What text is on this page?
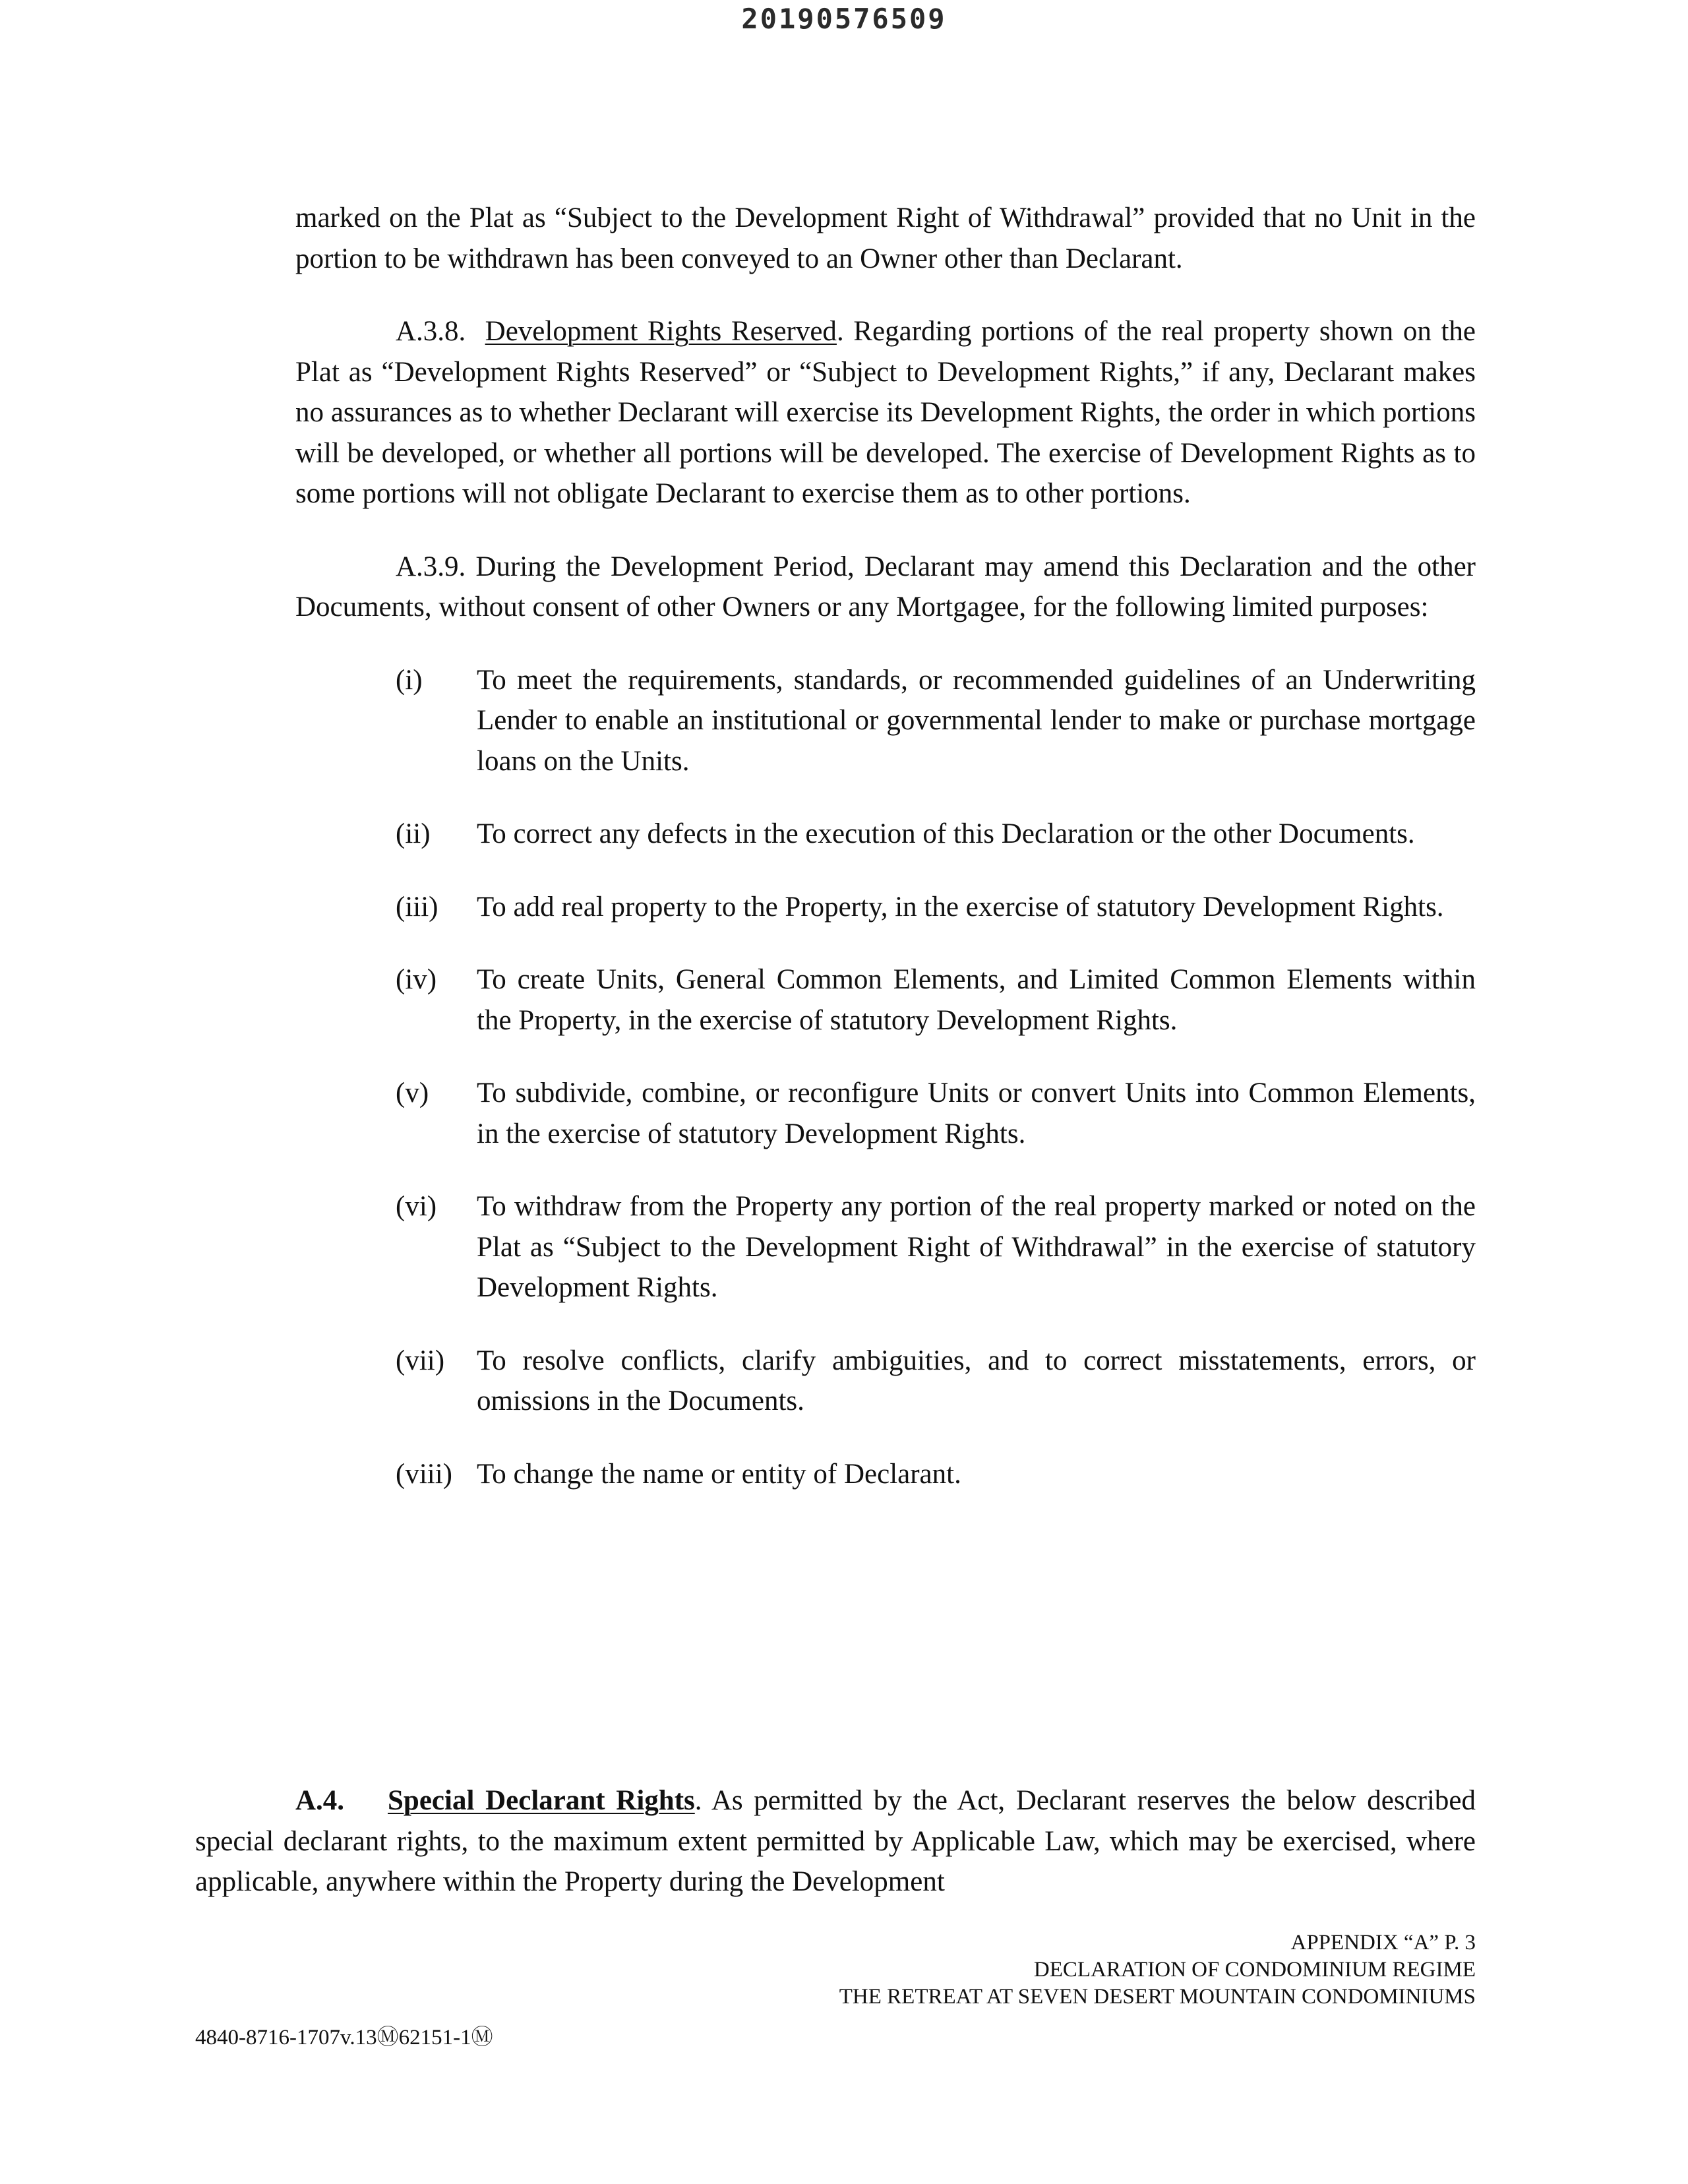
20190576509

marked on the Plat as “Subject to the Development Right of Withdrawal” provided that no Unit in the portion to be withdrawn has been conveyed to an Owner other than Declarant.

A.3.8. Development Rights Reserved. Regarding portions of the real property shown on the Plat as “Development Rights Reserved” or “Subject to Development Rights,” if any, Declarant makes no assurances as to whether Declarant will exercise its Development Rights, the order in which portions will be developed, or whether all portions will be developed. The exercise of Development Rights as to some portions will not obligate Declarant to exercise them as to other portions.

A.3.9. During the Development Period, Declarant may amend this Declaration and the other Documents, without consent of other Owners or any Mortgagee, for the following limited purposes:

(i)	To meet the requirements, standards, or recommended guidelines of an Underwriting Lender to enable an institutional or governmental lender to make or purchase mortgage loans on the Units.
(ii)	To correct any defects in the execution of this Declaration or the other Documents.
(iii)	To add real property to the Property, in the exercise of statutory Development Rights.
(iv)	To create Units, General Common Elements, and Limited Common Elements within the Property, in the exercise of statutory Development Rights.
(v)	To subdivide, combine, or reconfigure Units or convert Units into Common Elements, in the exercise of statutory Development Rights.
(vi)	To withdraw from the Property any portion of the real property marked or noted on the Plat as “Subject to the Development Right of Withdrawal” in the exercise of statutory Development Rights.
(vii)	To resolve conflicts, clarify ambiguities, and to correct misstatements, errors, or omissions in the Documents.
(viii) To change the name or entity of Declarant.
A.4. Special Declarant Rights. As permitted by the Act, Declarant reserves the below described special declarant rights, to the maximum extent permitted by Applicable Law, which may be exercised, where applicable, anywhere within the Property during the Development
APPENDIX “A” P. 3
DECLARATION OF CONDOMINIUM REGIME
THE RETREAT AT SEVEN DESERT MOUNTAIN CONDOMINIUMS
4840-8716-1707v.13Ⓜ62151-1Ⓜ
